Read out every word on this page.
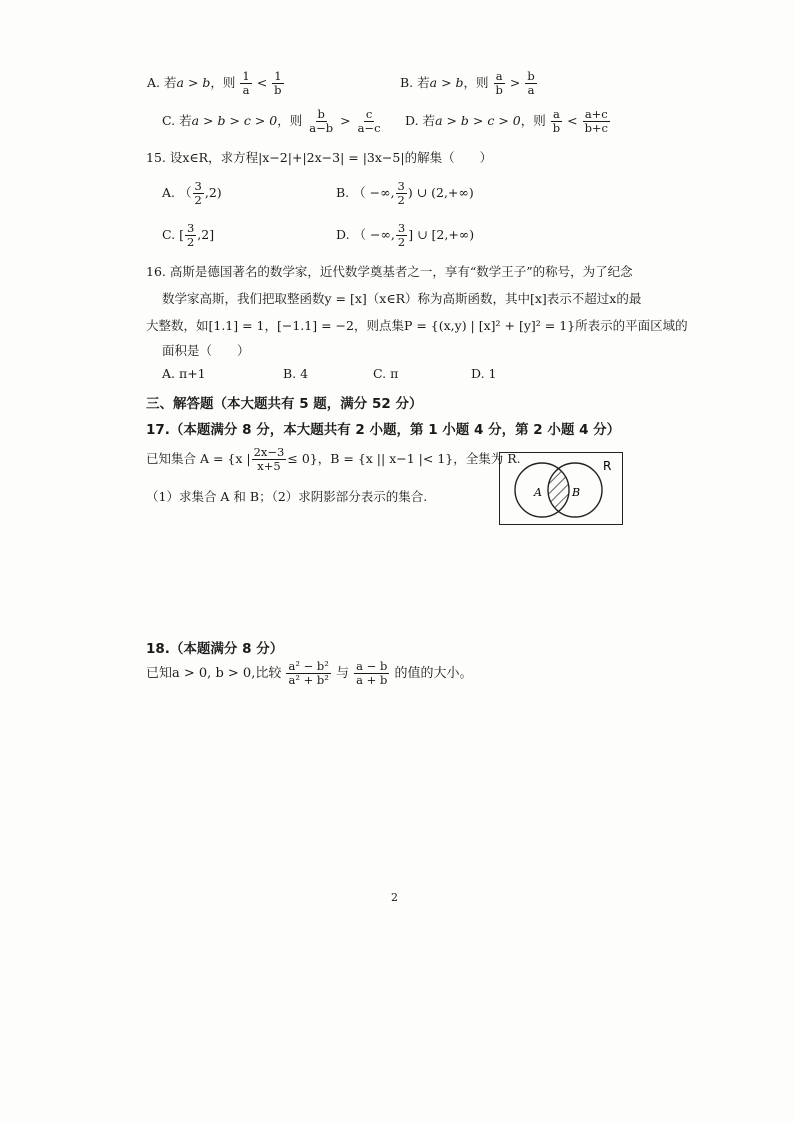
A. 若a > b，则 $\frac{1}{a} < \frac{1}{b}$	B. 若a > b，则 $\frac{a}{b} > \frac{b}{a}$
C. 若a > b > c > 0，则 $\frac{b}{a-b} > \frac{c}{a-c} D$. 若a > b > c > 0，则 $\frac{a}{b} < \frac{a+c}{b+c}$
15. 设x∈R，求方程|x−2|+|2x−3| = |3x−5|的解集（　　）
A. （ $\frac{3}{2} ,2$)	B. （ −∞, $\frac{3}{2}$ ) ∪ (2,+∞)
C. [ $\frac{3}{2} ,2$]	D. （ −∞, $\frac{3}{2}$ ] ∪ [2,+∞)
16. 高斯是德国著名的数学家，近代数学奠基者之一，享有“数学王子”的称号，为了纪念
数学家高斯，我们把取整函数y = [x]（x∈R）称为高斯函数，其中[x]表示不超过x的最
大整数，如[1.1] = 1，[−1.1] = −2，则点集P = {(x,y) | [x]² + [y]² = 1}所表示的平面区域的
面积是（　　）
A. π+1	B. 4	C. π	D. 1
三、解答题（本大题共有 5 题，满分 52 分）
17.（本题满分 8 分，本大题共有 2 小题，第 1 小题 4 分，第 2 小题 4 分）
已知集合 A = {x | $\frac{2x-3}{x+5} \le 0$}，B = {x || x−1 |< 1}，全集为 R.
（1）求集合 A 和 B；（2）求阴影部分表示的集合.	A	B
R
18.（本题满分 8 分）
已知a > 0, b > 0,比较 $\frac{\text{a² − b²}}{\text{a² + b²}}$ 与 $\frac{a - b}{a + b}$ 的值的大小。
2
